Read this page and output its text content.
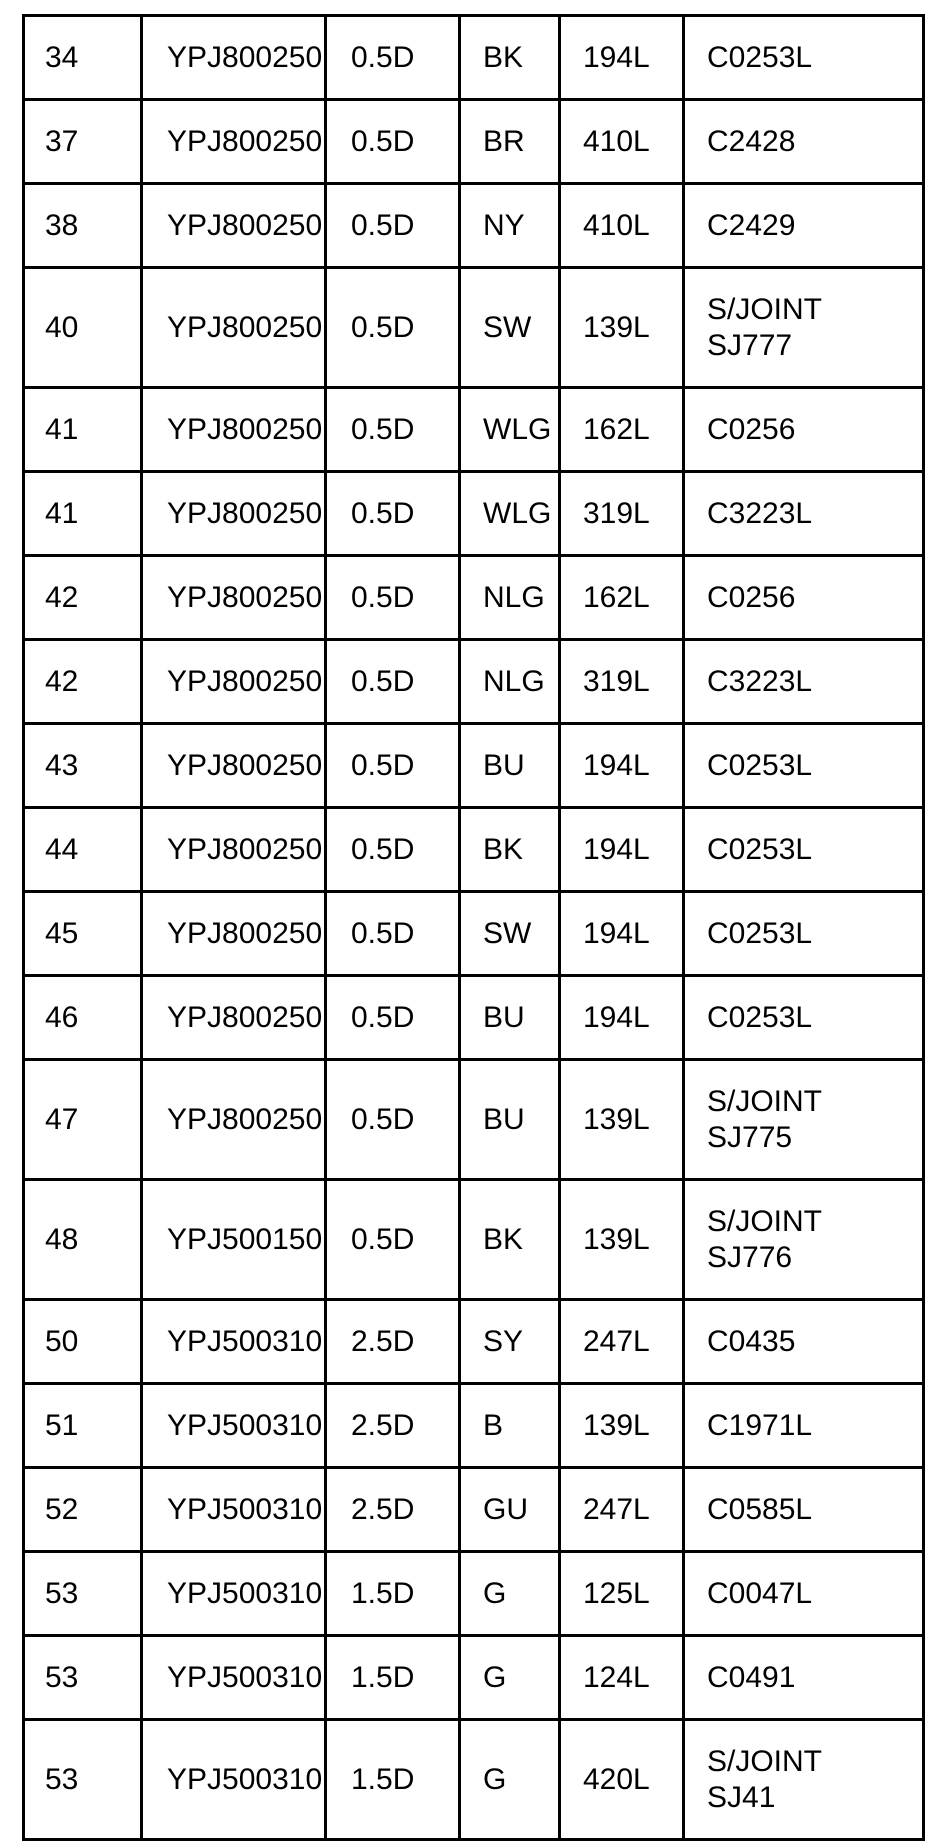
34	YPJ800250	0.5D	BK	194L	C0253L

37	YPJ800250	0.5D	BR	410L	C2428

38	YPJ800250	0.5D	NY	410L	C2429

40	YPJ800250	0.5D	SW	139L	S/JOINT
SJ777

41	YPJ800250	0.5D	WLG	162L	C0256

41	YPJ800250	0.5D	WLG	319L	C3223L

42	YPJ800250	0.5D	NLG	162L	C0256

42	YPJ800250	0.5D	NLG	319L	C3223L

43	YPJ800250	0.5D	BU	194L	C0253L

44	YPJ800250	0.5D	BK	194L	C0253L

45	YPJ800250	0.5D	SW	194L	C0253L

46	YPJ800250	0.5D	BU	194L	C0253L

47	YPJ800250	0.5D	BU	139L	S/JOINT
SJ775

48	YPJ500150	0.5D	BK	139L	S/JOINT
SJ776

50	YPJ500310	2.5D	SY	247L	C0435

51	YPJ500310	2.5D	B	139L	C1971L

52	YPJ500310	2.5D	GU	247L	C0585L

53	YPJ500310	1.5D	G	125L	C0047L

53	YPJ500310	1.5D	G	124L	C0491

53	YPJ500310	1.5D	G	420L	S/JOINT
SJ41
